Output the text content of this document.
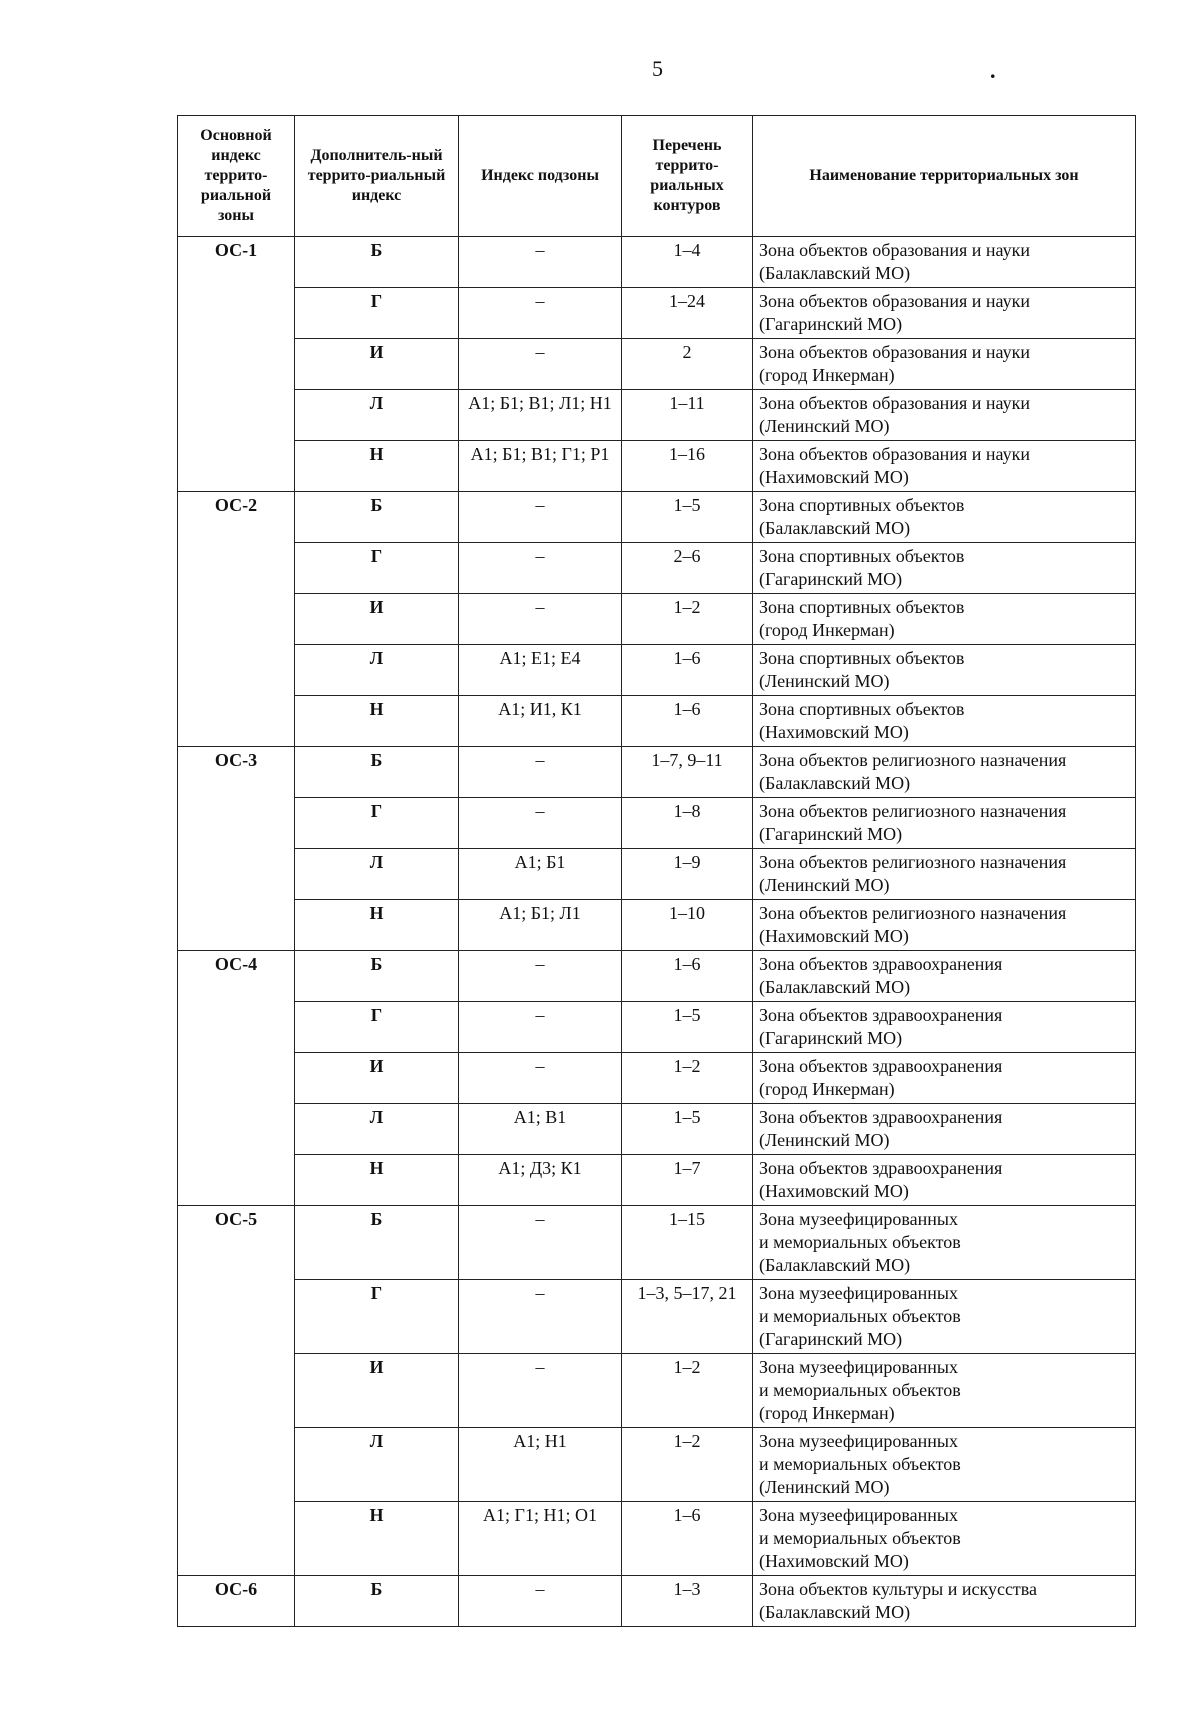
5	.
Основной индекс террито-риальной зоны	Дополнитель-ный террито-риальный индекс	Индекс подзоны	Перечень террито-риальных контуров	Наименование территориальных зон
ОС-1	Б	–	1–4	Зона объектов образования и науки
(Балаклавский МО)

	Г	–	1–24	Зона объектов образования и науки
(Гагаринский МО)

	И	–	2	Зона объектов образования и науки
(город Инкерман)

	Л	А1; Б1; В1; Л1; Н1	1–11	Зона объектов образования и науки
(Ленинский МО)

	Н	А1; Б1; В1; Г1; Р1	1–16	Зона объектов образования и науки
(Нахимовский МО)

ОС-2	Б	–	1–5	Зона спортивных объектов
(Балаклавский МО)

	Г	–	2–6	Зона спортивных объектов
(Гагаринский МО)

	И	–	1–2	Зона спортивных объектов
(город Инкерман)

	Л	А1; Е1; Е4	1–6	Зона спортивных объектов
(Ленинский МО)

	Н	А1; И1, К1	1–6	Зона спортивных объектов
(Нахимовский МО)

ОС-3	Б	–	1–7, 9–11	Зона объектов религиозного назначения
(Балаклавский МО)

	Г	–	1–8	Зона объектов религиозного назначения
(Гагаринский МО)

	Л	А1; Б1	1–9	Зона объектов религиозного назначения
(Ленинский МО)

	Н	А1; Б1; Л1	1–10	Зона объектов религиозного назначения
(Нахимовский МО)

ОС-4	Б	–	1–6	Зона объектов здравоохранения
(Балаклавский МО)

	Г	–	1–5	Зона объектов здравоохранения
(Гагаринский МО)

	И	–	1–2	Зона объектов здравоохранения
(город Инкерман)

	Л	А1; В1	1–5	Зона объектов здравоохранения
(Ленинский МО)

	Н	А1; Д3; К1	1–7	Зона объектов здравоохранения
(Нахимовский МО)

ОС-5	Б	–	1–15	Зона музеефицированных
и мемориальных объектов
(Балаклавский МО)

	Г	–	1–3, 5–17, 21	Зона музеефицированных
и мемориальных объектов
(Гагаринский МО)

	И	–	1–2	Зона музеефицированных
и мемориальных объектов
(город Инкерман)

	Л	А1; Н1	1–2	Зона музеефицированных
и мемориальных объектов
(Ленинский МО)

	Н	А1; Г1; Н1; О1	1–6	Зона музеефицированных
и мемориальных объектов
(Нахимовский МО)

ОС-6	Б	–	1–3	Зона объектов культуры и искусства
(Балаклавский МО)
